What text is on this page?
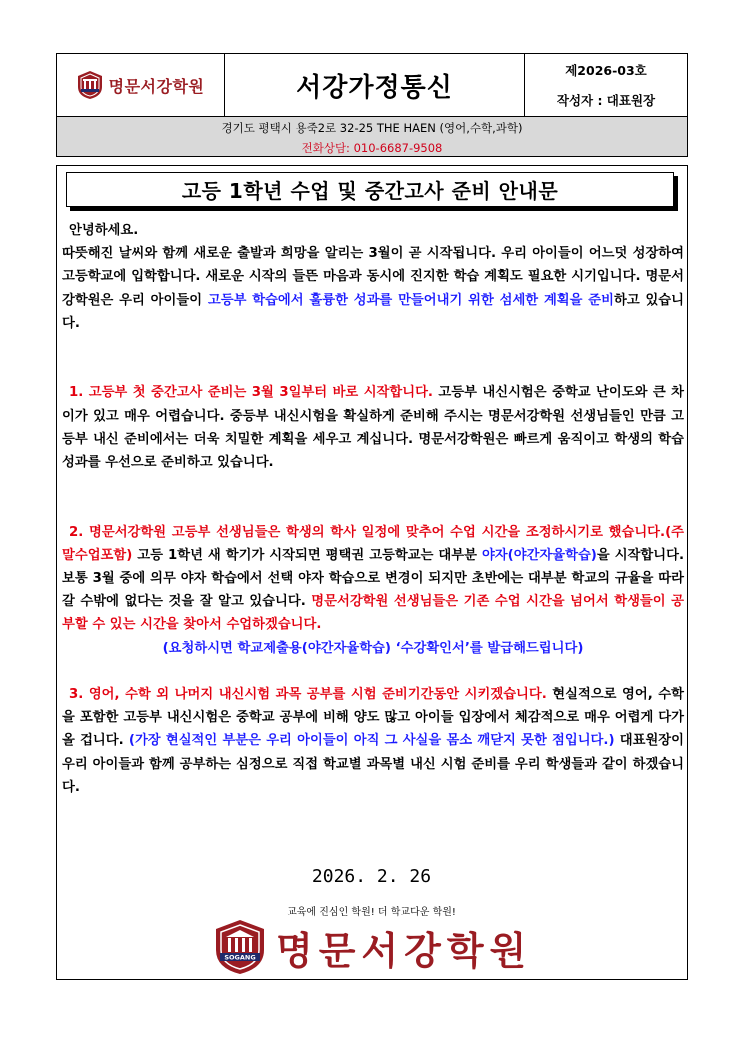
명문서강학원	서강가정통신
제2026-03호
작성자 : 대표원장
경기도 평택시 용죽2로 32-25 THE HAEN (영어,수학,과학)
전화상담: 010-6687-9508
고등 1학년 수업 및 중간고사 준비 안내문

안녕하세요.

따뜻해진 날씨와 함께 새로운 출발과 희망을 알리는 3월이 곧 시작됩니다. 우리 아이들이 어느덧 성장하여 고등학교에 입학합니다. 새로운 시작의 들뜬 마음과 동시에 진지한 학습 계획도 필요한 시기입니다. 명문서강학원은 우리 아이들이 고등부 학습에서 훌륭한 성과를 만들어내기 위한 섬세한 계획을 준비하고 있습니다.

1. 고등부 첫 중간고사 준비는 3월 3일부터 바로 시작합니다. 고등부 내신시험은 중학교 난이도와 큰 차이가 있고 매우 어렵습니다. 중등부 내신시험을 확실하게 준비해 주시는 명문서강학원 선생님들인 만큼 고등부 내신 준비에서는 더욱 치밀한 계획을 세우고 계십니다. 명문서강학원은 빠르게 움직이고 학생의 학습 성과를 우선으로 준비하고 있습니다.

2. 명문서강학원 고등부 선생님들은 학생의 학사 일정에 맞추어 수업 시간을 조정하시기로 했습니다.(주말수업포함) 고등 1학년 새 학기가 시작되면 평택권 고등학교는 대부분 야자(야간자율학습)을 시작합니다. 보통 3월 중에 의무 야자 학습에서 선택 야자 학습으로 변경이 되지만 초반에는 대부분 학교의 규율을 따라갈 수밖에 없다는 것을 잘 알고 있습니다. 명문서강학원 선생님들은 기존 수업 시간을 넘어서 학생들이 공부할 수 있는 시간을 찾아서 수업하겠습니다.

(요청하시면 학교제출용(야간자율학습) ‘수강확인서’를 발급해드립니다)

3. 영어, 수학 외 나머지 내신시험 과목 공부를 시험 준비기간동안 시키겠습니다. 현실적으로 영어, 수학을 포함한 고등부 내신시험은 중학교 공부에 비해 양도 많고 아이들 입장에서 체감적으로 매우 어렵게 다가올 겁니다. (가장 현실적인 부분은 우리 아이들이 아직 그 사실을 몸소 깨닫지 못한 점입니다.) 대표원장이 우리 아이들과 함께 공부하는 심정으로 직접 학교별 과목별 내신 시험 준비를 우리 학생들과 같이 하겠습니다.

2026. 2. 26
교육에 진심인 학원! 더 학교다운 학원!
SOGANG 명문서강학원
